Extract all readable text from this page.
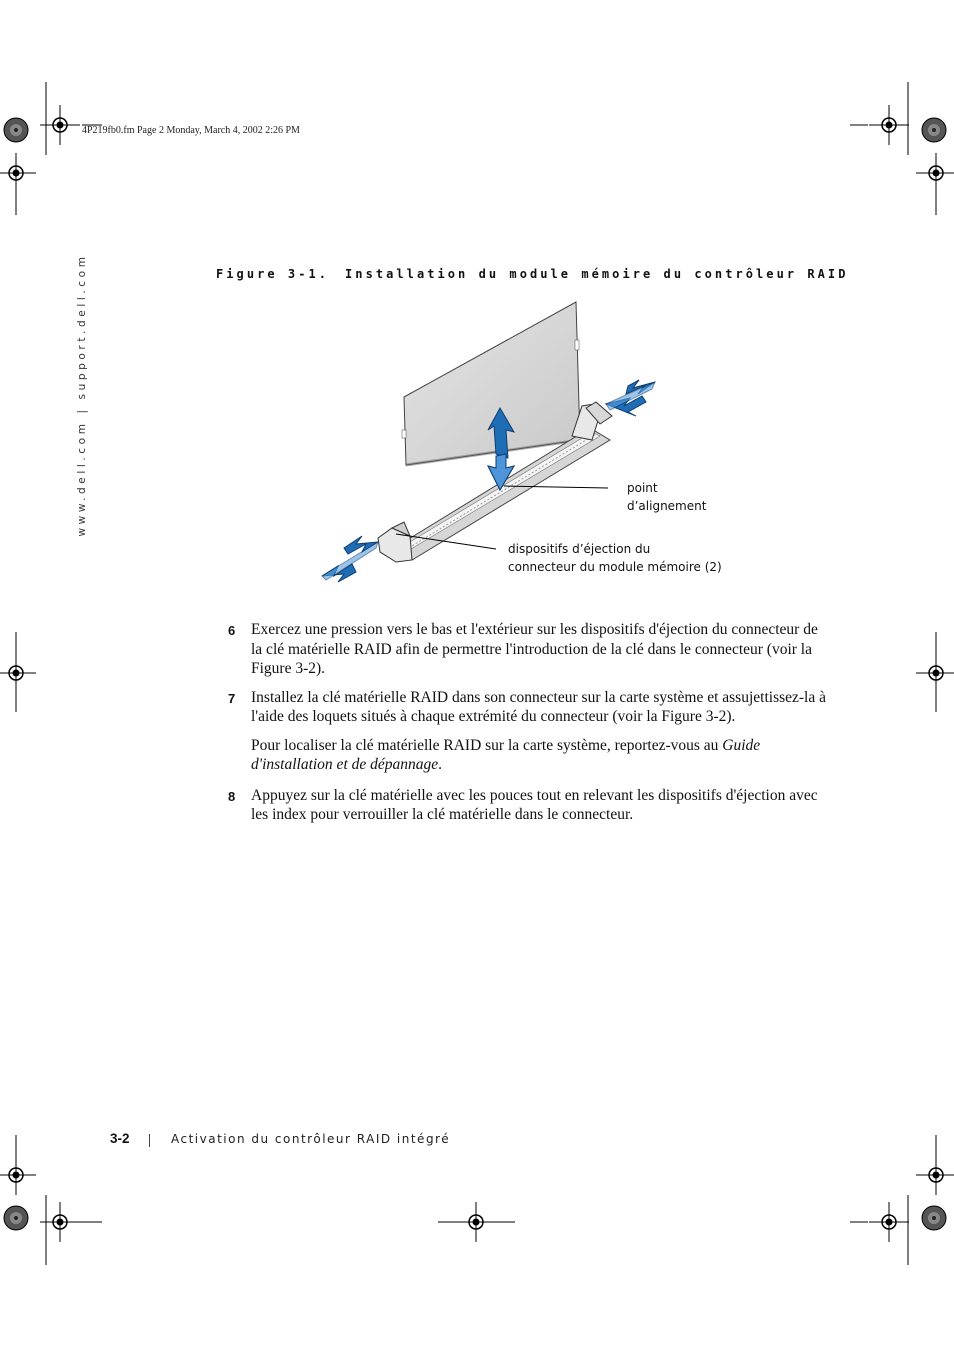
4P219fb0.fm Page 2 Monday, March 4, 2002 2:26 PM
www.dell.com | support.dell.com	Figure 3-1. Installation du module mémoire du contrôleur RAID
point
d’alignement
dispositifs d’éjection du
connecteur du module mémoire (2)
6	Exercez une pression vers le bas et l'extérieur sur les dispositifs d'éjection du connecteur de la clé matérielle RAID afin de permettre l'introduction de la clé dans le connecteur (voir la Figure 3-2).
7	Installez la clé matérielle RAID dans son connecteur sur la carte système et assujettissez-la à l'aide des loquets situés à chaque extrémité du connecteur (voir la Figure 3-2).
Pour localiser la clé matérielle RAID sur la carte système, reportez-vous au Guide d'installation et de dépannage.
8	Appuyez sur la clé matérielle avec les pouces tout en relevant les dispositifs d'éjection avec les index pour verrouiller la clé matérielle dans le connecteur.
3-2	Activation du contrôleur RAID intégré
